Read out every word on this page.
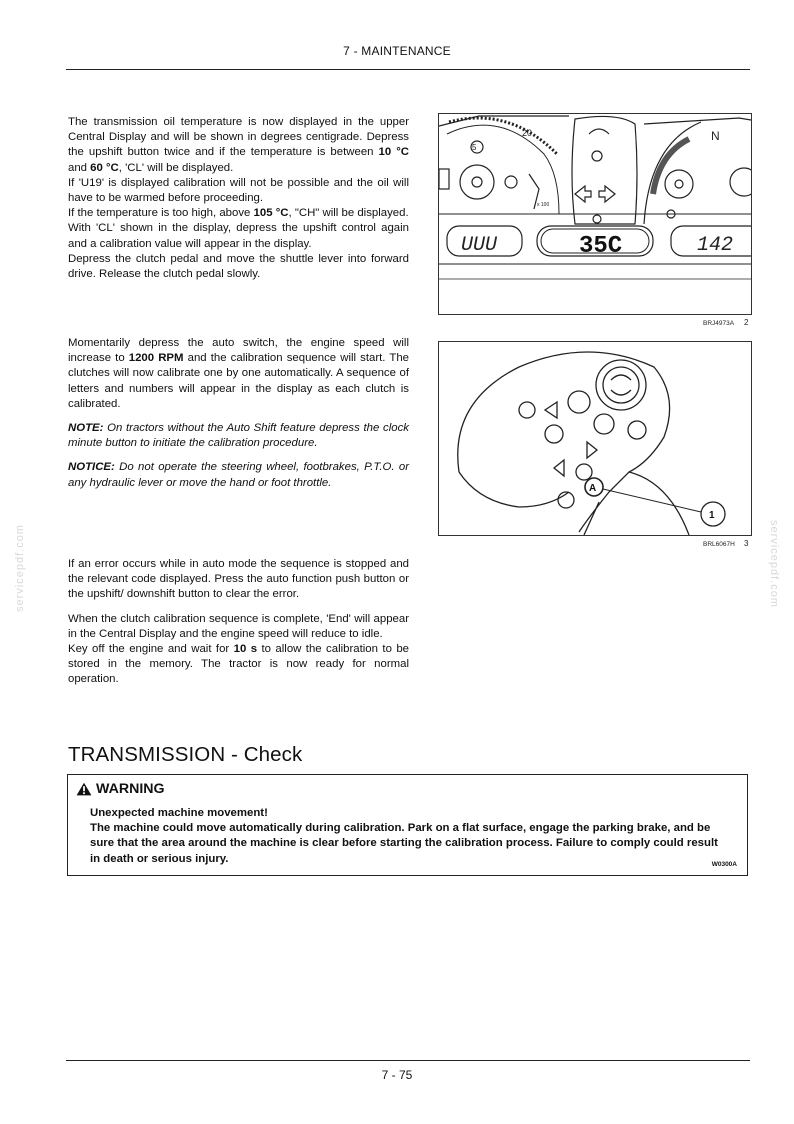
7 - MAINTENANCE

The transmission oil temperature is now displayed in the upper Central Display and will be shown in degrees centigrade. Depress the upshift button twice and if the temperature is between 10 °C and 60 °C, 'CL' will be displayed.

If 'U19' is displayed calibration will not be possible and the oil will have to be warmed before proceeding.

If the temperature is too high, above 105 °C, "CH" will be displayed.

With 'CL' shown in the display, depress the upshift control again and a calibration value will appear in the display.

Depress the clutch pedal and move the shuttle lever into forward drive. Release the clutch pedal slowly.

Momentarily depress the auto switch, the engine speed will increase to 1200 RPM and the calibration sequence will start. The clutches will now calibrate one by one automatically. A sequence of letters and numbers will appear in the display as each clutch is calibrated.

NOTE: On tractors without the Auto Shift feature depress the clock minute button to initiate the calibration procedure.

NOTICE: Do not operate the steering wheel, footbrakes, P.T.O. or any hydraulic lever or move the hand or foot throttle.

If an error occurs while in auto mode the sequence is stopped and the relevant code displayed. Press the auto function push button or the upshift/ downshift button to clear the error.

When the clutch calibration sequence is complete, 'End' will appear in the Central Display and the engine speed will reduce to idle.

Key off the engine and wait for 10 s to allow the calibration to be stored in the memory. The tractor is now ready for normal operation.

5
20
x 100
N
UUU	35C	142
BRJ4973A 2
A
1
BRL6067H 3
TRANSMISSION - Check
WARNING
Unexpected machine movement!
The machine could move automatically during calibration. Park on a flat surface, engage the parking brake, and be sure that the area around the machine is clear before starting the calibration process. Failure to comply could result in death or serious injury.	W0300A
servicepdf.com	servicepdf.com
7 - 75
